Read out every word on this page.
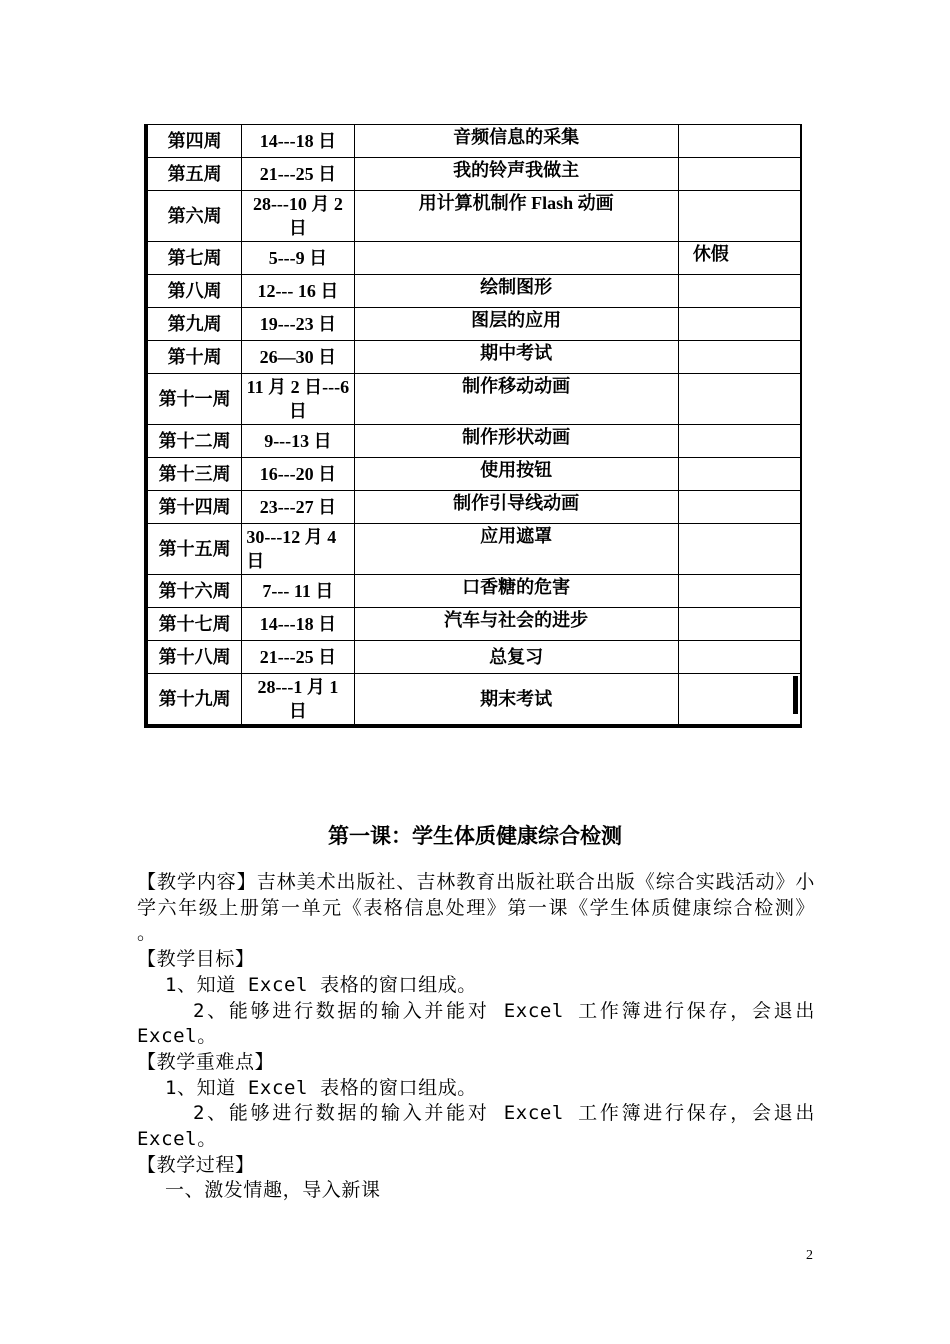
第四周	14---18 日	音频信息的采集	
第五周	21---25 日	我的铃声我做主	
第六周	28---10 月 2 日	用计算机制作 Flash 动画	
第七周	5---9 日		休假
第八周	12--- 16 日	绘制图形	
第九周	19---23 日	图层的应用	
第十周	26—30 日	期中考试	
第十一周	11 月 2 日---6 日	制作移动动画	
第十二周	9---13 日	制作形状动画	
第十三周	16---20 日	使用按钮	
第十四周	23---27 日	制作引导线动画	
第十五周	30---12 月 4 日	应用遮罩	
第十六周	7--- 11 日	口香糖的危害	
第十七周	14---18 日	汽车与社会的进步	
第十八周	21---25 日	总复习	
第十九周	28---1 月 1 日	期末考试	
第一课：学生体质健康综合检测

【教学内容】吉林美术出版社、吉林教育出版社联合出版《综合实践活动》小学六年级上册第一单元《表格信息处理》第一课《学生体质健康综合检测》 。

【教学目标】

1、知道 Excel 表格的窗口组成。

2、能够进行数据的输入并能对 Excel 工作簿进行保存，会退出 Excel。

【教学重难点】

1、知道 Excel 表格的窗口组成。

2、能够进行数据的输入并能对 Excel 工作簿进行保存，会退出 Excel。

【教学过程】

一、激发情趣，导入新课

2
